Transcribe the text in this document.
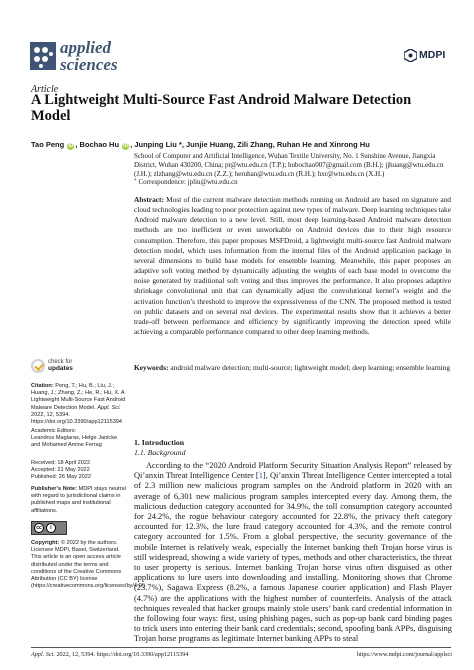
applied
sciences	MDPI
Article
A Lightweight Multi-Source Fast Android Malware Detection Model
Tao Peng iD , Bochao Hu iD , Junping Liu *, Junjie Huang, Zili Zhang, Ruhan He and Xinrong Hu
School of Computer and Artificial Intelligence, Wuhan Textile University, No. 1 Sunshine Avenue, Jiangxia District, Wuhan 430200, China; pt@wtu.edu.cn (T.P.); hubochao007@gmail.com (B.H.); jjhuang@wtu.edu.cn (J.H.); zlzhang@wtu.edu.cn (Z.Z.); heruhan@wtu.edu.cn (R.H.); hxr@wtu.edu.cn (X.H.)
* Correspondence: jpliu@wtu.edu.cn
Abstract: Most of the current malware detection methods running on Android are based on signature and cloud technologies leading to poor protection against new types of malware. Deep learning techniques take Android malware detection to a new level. Still, most deep learning-based Android malware detection methods are too inefficient or even unworkable on Android devices due to their high resource consumption. Therefore, this paper proposes MSFDroid, a lightweight multi-source fast Android malware detection model, which uses information from the internal files of the Android application package in several dimensions to build base models for ensemble learning. Meanwhile, this paper proposes an adaptive soft voting method by dynamically adjusting the weights of each base model to overcome the noise generated by traditional soft voting and thus improves the performance. It also proposes adaptive shrinkage convolutional unit that can dynamically adjust the convolutional kernel’s weight and the activation function’s threshold to improve the expressiveness of the CNN. The proposed method is tested on public datasets and on several real devices. The experimental results show that it achieves a better trade-off between performance and efficiency by significantly improving the detection speed while achieving a comparable performance compared to other deep learning methods.
Keywords: android malware detection; multi-source; lightweight model; deep learning; ensemble learning
check for
updates
Citation: Peng, T.; Hu, B.; Liu, J.; Huang, J.; Zhang, Z.; He, R.; Hu, X. A Lightweight Multi-Source Fast Android Malware Detection Model. Appl. Sci. 2022, 12, 5394. https://doi.org/10.3390/app12115394
Academic Editors:
Leandros Maglaras, Helge Janicke and Mohamed Amine Ferrag
Received: 18 April 2022
Accepted: 21 May 2022
Published: 26 May 2022
Publisher’s Note: MDPI stays neutral with regard to jurisdictional claims in published maps and institutional affiliations.
cc	i
Copyright: © 2022 by the authors. Licensee MDPI, Basel, Switzerland. This article is an open access article distributed under the terms and conditions of the Creative Commons Attribution (CC BY) license (https://creativecommons.org/licenses/by/4.0/).
1. Introduction
1.1. Background
According to the “2020 Android Platform Security Situation Analysis Report” released by Qi’anxin Threat Intelligence Center [1], Qi’anxin Threat Intelligence Center intercepted a total of 2.3 million new malicious program samples on the Android platform in 2020 with an average of 6,301 new malicious program samples intercepted every day. Among them, the malicious deduction category accounted for 34.9%, the toll consumption category accounted for 24.2%, the rogue behaviour category accounted for 22.8%, the privacy theft category accounted for 12.3%, the lure fraud category accounted for 4.3%, and the remote control category accounted for 1.5%. From a global perspective, the security governance of the mobile Internet is relatively weak, especially the Internet banking theft Trojan horse virus is still widespread, showing a wide variety of types, methods and other characteristics, the threat to user property is serious. Internet banking Trojan horse virus often disguised as other applications to lure users into downloading and installing. Monitoring shows that Chrome (23.7%), Sagawa Express (8.2%, a famous Japanese courier application) and Flash Player (4.7%) are the applications with the highest number of counterfeits. Analysis of the attack techniques revealed that hacker groups mainly stole users’ bank card credential information in the following four ways: first, using phishing pages, such as pop-up bank card binding pages to trick users into entering their bank card credentials; second, spoofing bank APPs, disguising Trojan horse programs as legitimate Internet banking APPs to steal
Appl. Sci. 2022, 12, 5394. https://doi.org/10.3390/app12115394	https://www.mdpi.com/journal/applsci
